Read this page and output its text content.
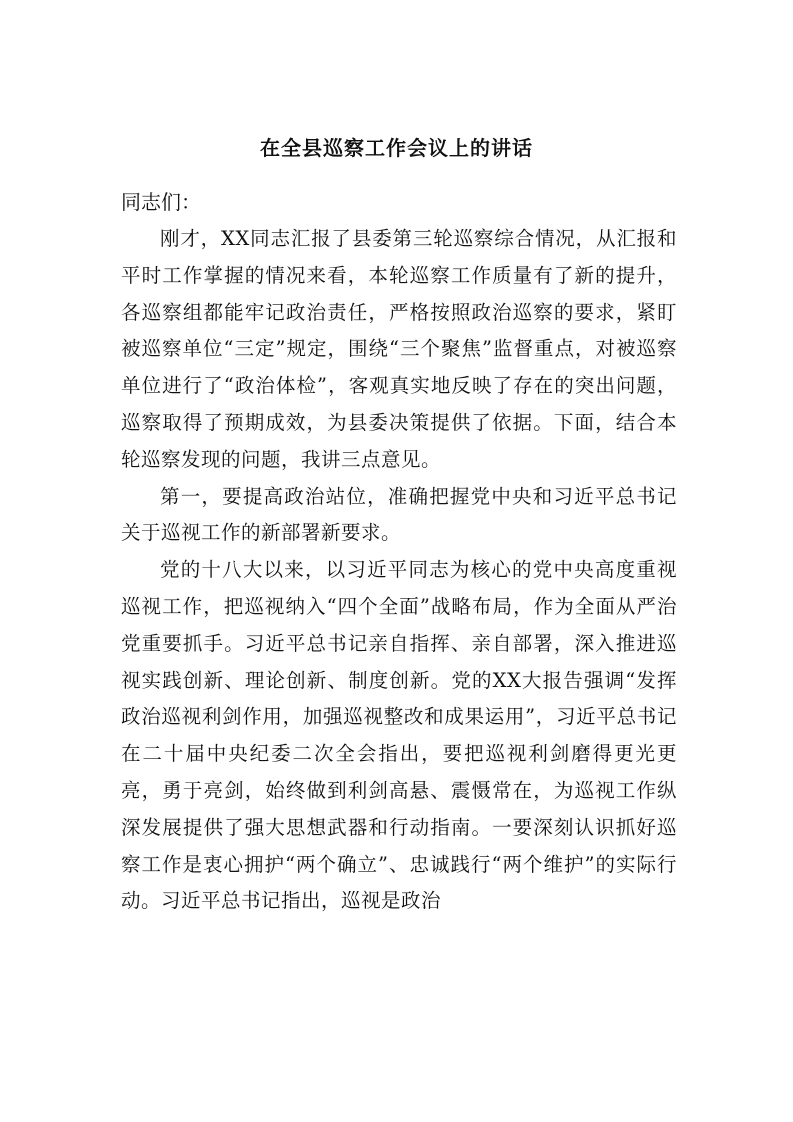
在全县巡察工作会议上的讲话

同志们：

刚才，XX同志汇报了县委第三轮巡察综合情况，从汇报和平时工作掌握的情况来看，本轮巡察工作质量有了新的提升，各巡察组都能牢记政治责任，严格按照政治巡察的要求，紧盯被巡察单位“三定”规定，围绕“三个聚焦”监督重点，对被巡察单位进行了“政治体检”，客观真实地反映了存在的突出问题，巡察取得了预期成效，为县委决策提供了依据。下面，结合本轮巡察发现的问题，我讲三点意见。

第一，要提高政治站位，准确把握党中央和习近平总书记关于巡视工作的新部署新要求。

党的十八大以来，以习近平同志为核心的党中央高度重视巡视工作，把巡视纳入“四个全面”战略布局，作为全面从严治党重要抓手。习近平总书记亲自指挥、亲自部署，深入推进巡视实践创新、理论创新、制度创新。党的XX大报告强调“发挥政治巡视利剑作用，加强巡视整改和成果运用”，习近平总书记在二十届中央纪委二次全会指出，要把巡视利剑磨得更光更亮，勇于亮剑，始终做到利剑高悬、震慑常在，为巡视工作纵深发展提供了强大思想武器和行动指南。一要深刻认识抓好巡察工作是衷心拥护“两个确立”、忠诚践行“两个维护”的实际行动。习近平总书记指出，巡视是政治
